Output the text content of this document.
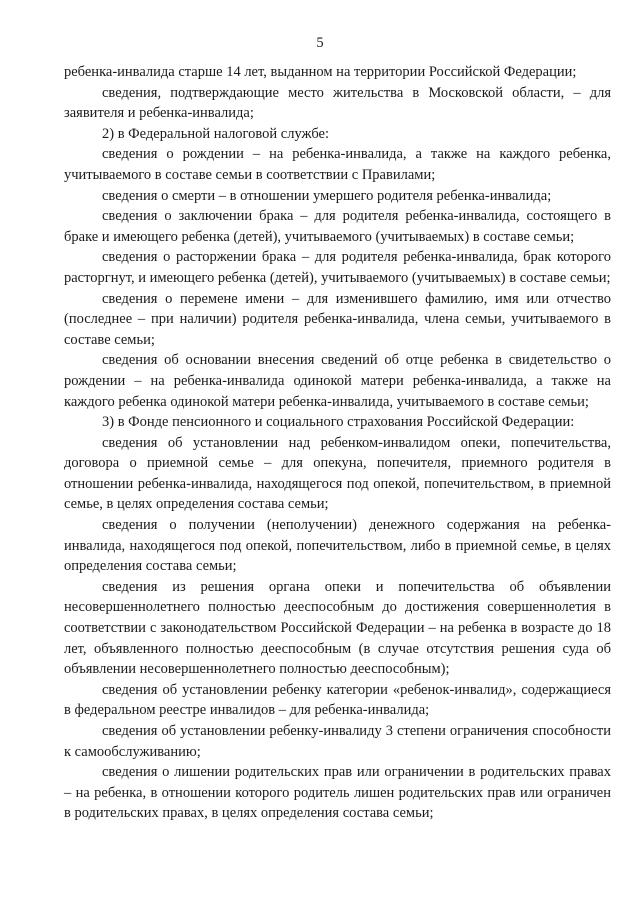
5

ребенка-инвалида старше 14 лет, выданном на территории Российской Федерации;

сведения, подтверждающие место жительства в Московской области, – для заявителя и ребенка-инвалида;

2) в Федеральной налоговой службе:

сведения о рождении – на ребенка-инвалида, а также на каждого ребенка, учитываемого в составе семьи в соответствии с Правилами;

сведения о смерти – в отношении умершего родителя ребенка-инвалида;

сведения о заключении брака – для родителя ребенка-инвалида, состоящего в браке и имеющего ребенка (детей), учитываемого (учитываемых) в составе семьи;

сведения о расторжении брака – для родителя ребенка-инвалида, брак которого расторгнут, и имеющего ребенка (детей), учитываемого (учитываемых) в составе семьи;

сведения о перемене имени – для изменившего фамилию, имя или отчество (последнее – при наличии) родителя ребенка-инвалида, члена семьи, учитываемого в составе семьи;

сведения об основании внесения сведений об отце ребенка в свидетельство о рождении – на ребенка-инвалида одинокой матери ребенка-инвалида, а также на каждого ребенка одинокой матери ребенка-инвалида, учитываемого в составе семьи;

3) в Фонде пенсионного и социального страхования Российской Федерации:

сведения об установлении над ребенком-инвалидом опеки, попечительства, договора о приемной семье – для опекуна, попечителя, приемного родителя в отношении ребенка-инвалида, находящегося под опекой, попечительством, в приемной семье, в целях определения состава семьи;

сведения о получении (неполучении) денежного содержания на ребенка-инвалида, находящегося под опекой, попечительством, либо в приемной семье, в целях определения состава семьи;

сведения из решения органа опеки и попечительства об объявлении несовершеннолетнего полностью дееспособным до достижения совершеннолетия в соответствии с законодательством Российской Федерации – на ребенка в возрасте до 18 лет, объявленного полностью дееспособным (в случае отсутствия решения суда об объявлении несовершеннолетнего полностью дееспособным);

сведения об установлении ребенку категории «ребенок-инвалид», содержащиеся в федеральном реестре инвалидов – для ребенка-инвалида;

сведения об установлении ребенку-инвалиду 3 степени ограничения способности к самообслуживанию;

сведения о лишении родительских прав или ограничении в родительских правах – на ребенка, в отношении которого родитель лишен родительских прав или ограничен в родительских правах, в целях определения состава семьи;
